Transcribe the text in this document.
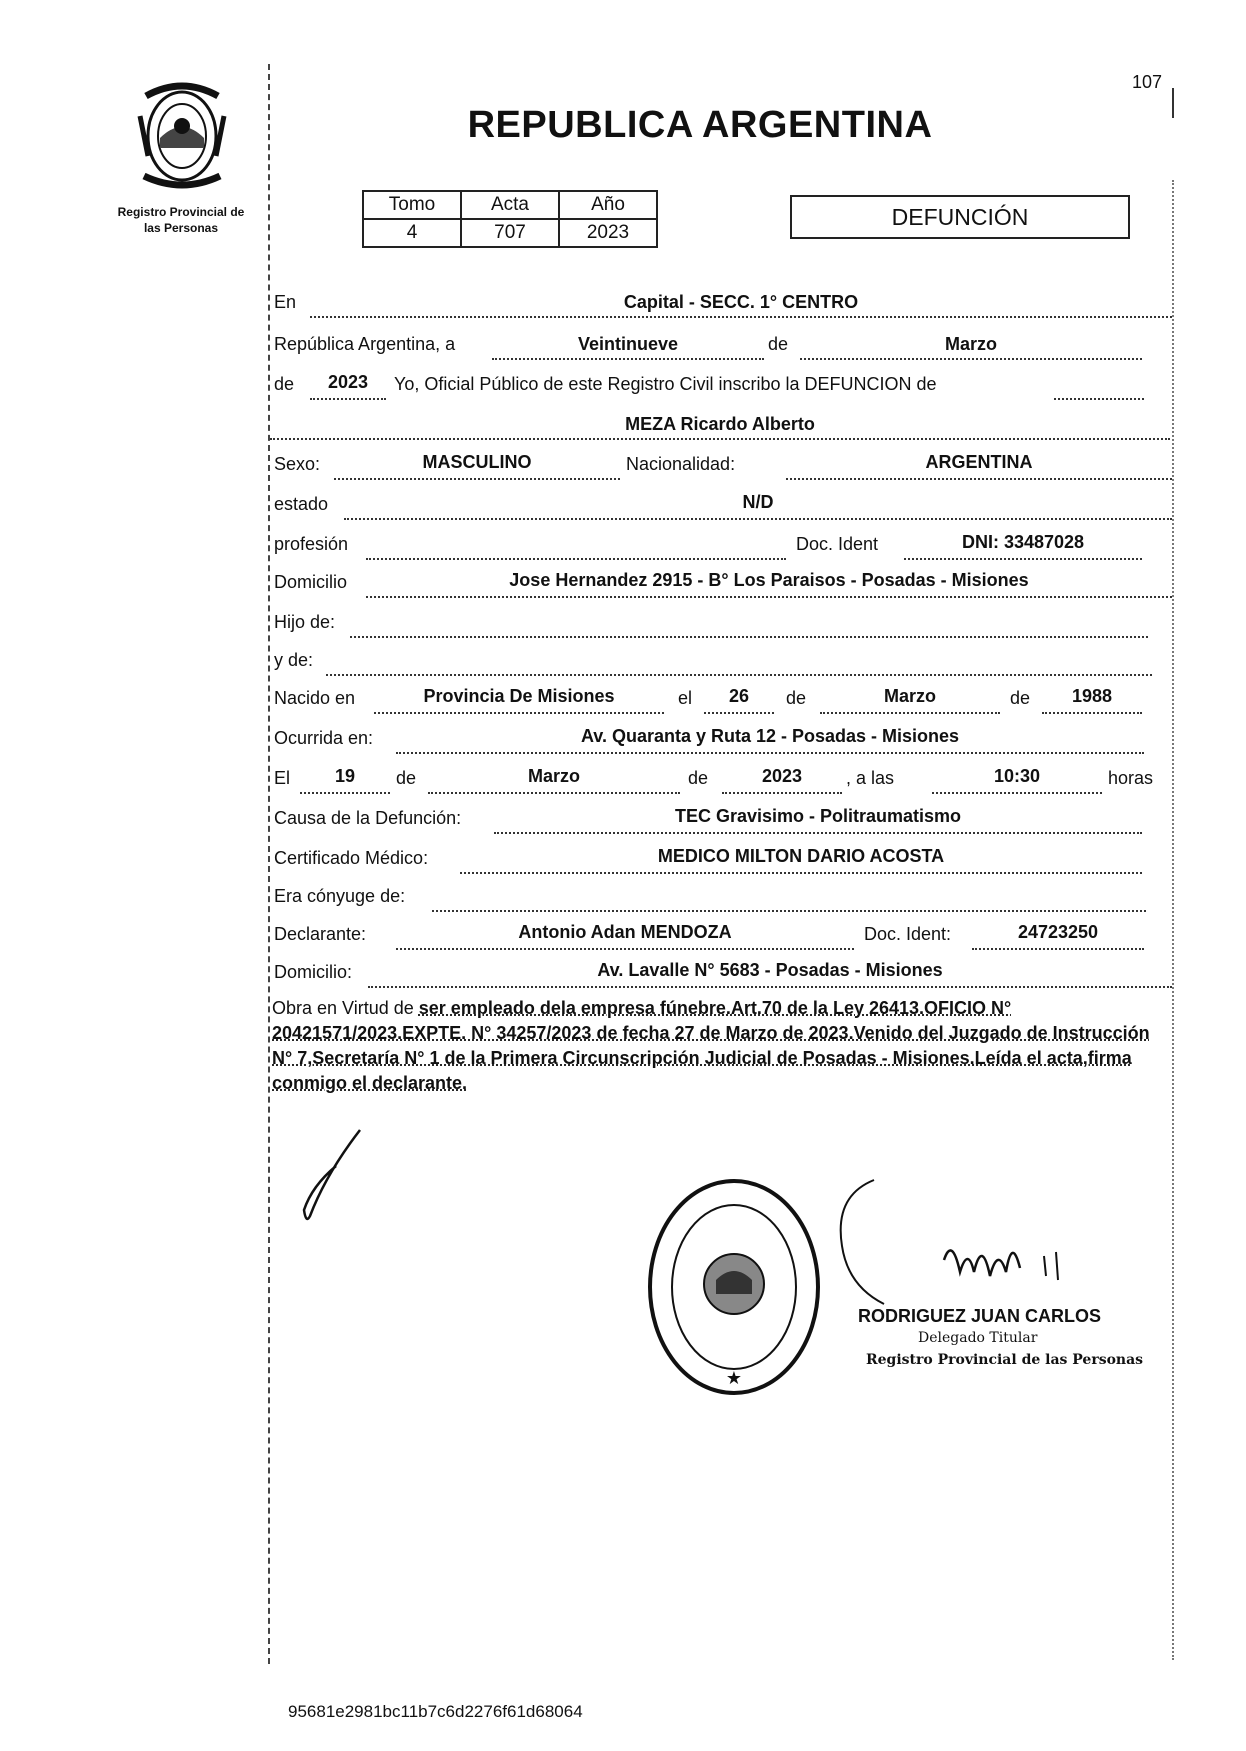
107
Registro Provincial de
las Personas
REPUBLICA ARGENTINA
Tomo	Acta	Año
4	707	2023
DEFUNCIÓN
En	Capital - SECC. 1° CENTRO
República Argentina, a	Veintinueve	de	Marzo
de	2023	Yo, Oficial Público de este Registro Civil inscribo la DEFUNCION de
MEZA Ricardo Alberto
Sexo:	MASCULINO	Nacionalidad:	ARGENTINA
estado	N/D
profesión	Doc. Ident	DNI: 33487028
Domicilio	Jose Hernandez 2915 - B° Los Paraisos - Posadas - Misiones
Hijo de:
y de:
Nacido en	Provincia De Misiones	el	26	de	Marzo	de	1988
Ocurrida en:	Av. Quaranta y Ruta 12 - Posadas - Misiones
El	19	de	Marzo	de	2023	, a las	10:30	horas
Causa de la Defunción:	TEC Gravisimo - Politraumatismo
Certificado Médico:	MEDICO MILTON DARIO ACOSTA
Era cónyuge de:
Declarante:	Antonio Adan MENDOZA	Doc. Ident:	24723250
Domicilio:	Av. Lavalle N° 5683 - Posadas - Misiones
Obra en Virtud de ser empleado dela empresa fúnebre.Art.70 de la Ley 26413.OFICIO N° 20421571/2023.EXPTE. N° 34257/2023 de fecha 27 de Marzo de 2023.Venido del Juzgado de Instrucción N° 7,Secretaría N° 1 de la Primera Circunscripción Judicial de Posadas - Misiones.Leída el acta,firma conmigo el declarante.
★
RODRIGUEZ JUAN CARLOS
Delegado Titular
Registro Provincial de las Personas
95681e2981bc11b7c6d2276f61d68064
